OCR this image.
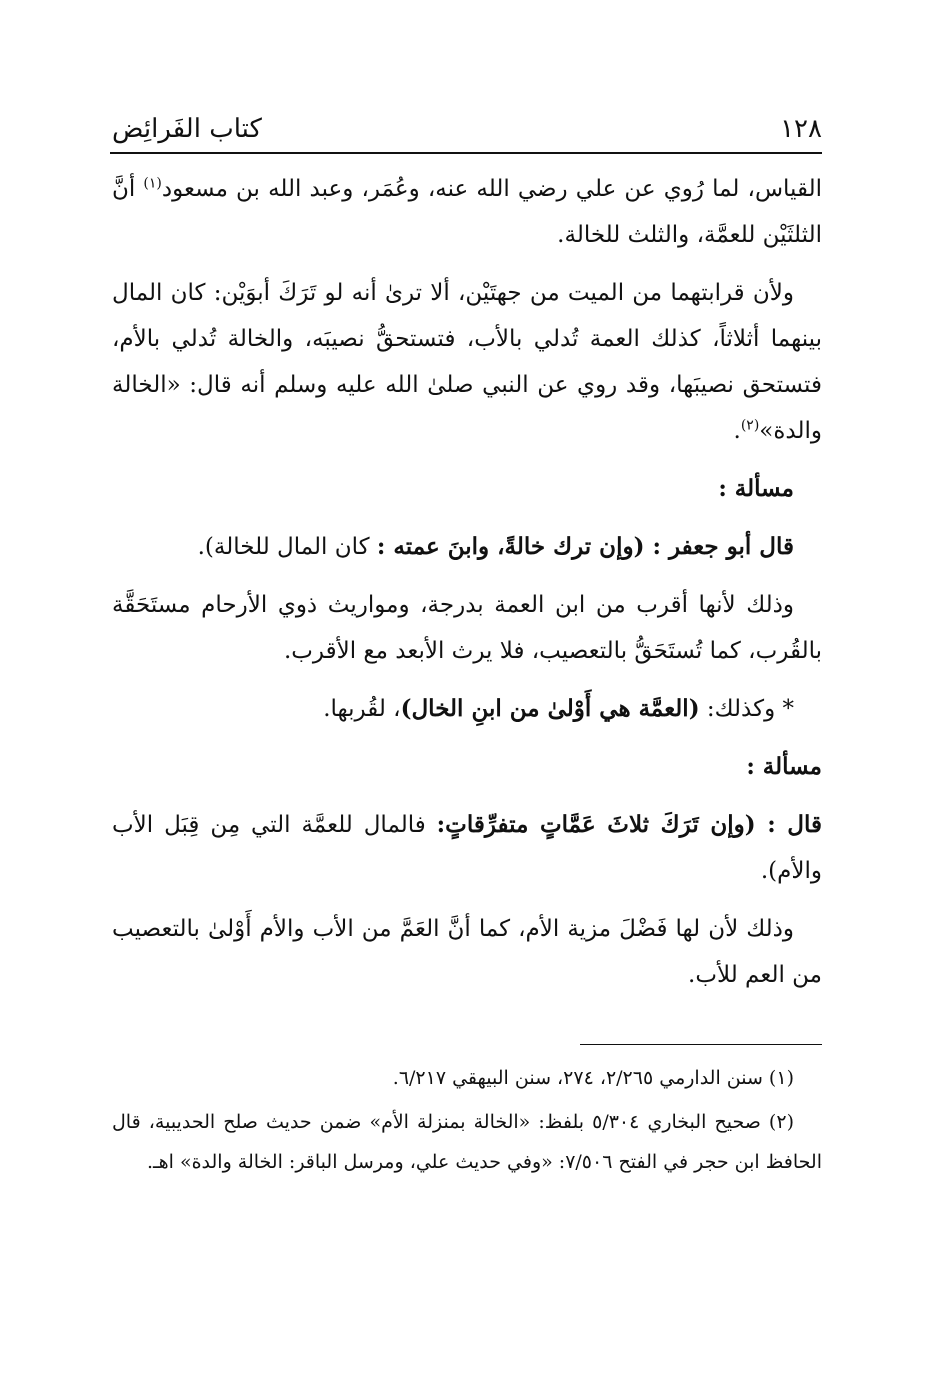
١٢٨
كتاب الفَرائِض

القياس، لما رُوي عن علي رضي الله عنه، وعُمَر، وعبد الله بن مسعود$^{(١)}$ أنَّ الثلثَيْن للعمَّة، والثلث للخالة.

ولأن قرابتهما من الميت من جهتَيْن، ألا ترىٰ أنه لو تَرَكَ أبوَيْن: كان المال بينهما أثلاثاً، كذلك العمة تُدلي بالأب، فتستحقُّ نصيبَه، والخالة تُدلي بالأم، فتستحق نصيبَها، وقد روي عن النبي صلىٰ الله عليه وسلم أنه قال: «الخالة والدة»$^{(٢)}$.

مسألة :

قال أبو جعفر : (وإن ترك خالةً، وابنَ عمته : كان المال للخالة).

وذلك لأنها أقرب من ابن العمة بدرجة، ومواريث ذوي الأرحام مستَحَقَّة بالقُرب، كما تُستَحَقُّ بالتعصيب، فلا يرث الأبعد مع الأقرب.

* وكذلك: (العمَّة هي أَوْلىٰ من ابنِ الخال)، لقُربها.

مسألة :

قال : (وإن تَرَكَ ثلاثَ عَمَّاتٍ متفرِّقاتٍ: فالمال للعمَّة التي مِن قِبَل الأب والأم).

وذلك لأن لها فَضْلَ مزية الأم، كما أنَّ العَمَّ من الأب والأم أَوْلىٰ بالتعصيب من العم للأب.

(١) سنن الدارمي ٢/٢٦٥، ٢٧٤، سنن البيهقي ٦/٢١٧.

(٢) صحيح البخاري ٥/٣٠٤ بلفظ: «الخالة بمنزلة الأم» ضمن حديث صلح الحديبية، قال الحافظ ابن حجر في الفتح ٧/٥٠٦: «وفي حديث علي، ومرسل الباقر: الخالة والدة» اهـ.
